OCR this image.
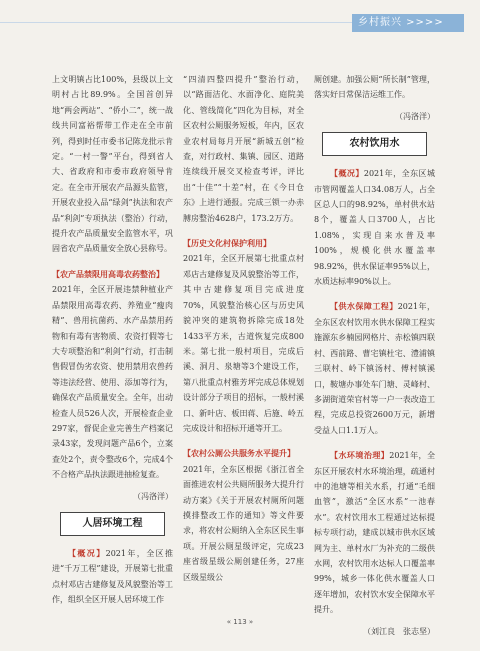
乡村振兴 >>>>

上文明镇占比100%，县级以上文明村占比89.9%。全国首创异地“两会两站”、“侨小二”，统一战线共同富裕帮带工作走在全市前列，得到时任市委书记陈龙批示肯定。“一村一警”平台，得到省人大、省政府和市委市政府领导肯定。在全市开展农产品源头监管，开展农业投入品“绿剑”执法和农产品“利剑”专项执法（整治）行动，提升农产品质量安全监管水平，巩固省农产品质量安全放心县称号。

【农产品禁限用高毒农药整治】

2021年，全区开展违禁种植业产品禁限用高毒农药、养殖业“瘦肉精”、兽用抗菌药、水产品禁用药物和有毒有害物质、农资打假等七大专项整治和“利剑”行动，打击制售假冒伪劣农资、使用禁用农兽药等违法经营、使用、添加等行为，确保农产品质量安全。全年，出动检查人员526人次，开展检查企业297家，督促企业完善生产档案记录43家，发现问题产品6个，立案查处2个，责令整改6个，完成4个不合格产品执法跟进抽检复查。

（冯洛洋）

人居环境工程

【概况】2021年，全区推进“千万工程”建设，开展第七批重点村邓店古建修复及风貌整治等工作，组织全区开展人居环境工作

“四清四整四提升”整治行动，以“路面洁化、水面净化、庭院美化、管线简化”四化为目标，对全区农村公厕服务短板，年内，区农业农村局每月开展“新城五创”检查，对行政村、集镇、园区、道路连续线开展交叉检查考评，评比出“十佳”“十差”村，在《今日仓东》上进行通报。完成三锁一办赤膊房整治4628户，173.2万方。

【历史文化村保护利用】

2021年，全区开展第七批重点村邓店古建修复及风貌整治等工作，其中古建修复项目完成进度70%，风貌整治核心区与历史风貌冲突的建筑物拆除完成18处1433平方米，古道恢复完成800米。第七批一般村项目，完成后溪、洞月、泉塘等3个建设工作，第八批重点村雅芳坪完成总体规划设计部分子项目的招标，一般村溪口、新叶店、板田蒋、后施、岭五完成设计和招标开通等开工。

【农村公厕公共服务水平提升】

2021年，全东区根据《浙江省全面推进农村公共厕所服务大提升行动方案》《关于开展农村厕所问题摸排整改工作的通知》等文件要求，将农村公厕纳入全东区民生事项。开展公厕星级评定，完成23座省级星级公厕创建任务，27座区级星级公

厕创建。加强公厕“所长制”管理，落实好日常保洁运维工作。

（冯洛洋）

农村饮用水

【概况】2021年，全东区城市管网覆盖人口34.08万人，占全区总人口的98.92%，单村供水站8个，覆盖人口3700人，占比1.08%，实现自来水普及率100%，规模化供水覆盖率98.92%，供水保证率95%以上，水质达标率90%以上。

【供水保障工程】2021年，全东区农村饮用水供水保障工程实施源东乡楠园网格片、赤松镇四联村、西前路、曹宅镇杜宅、澧浦镇三联村、岭下镇汤村、傅村镇溪口，鞍塘办事处车门塘、灵峰村、多湖街道荣官村等一户一表改造工程，完成总投资2600万元，新增受益人口1.1万人。

【水环境治理】2021年，全东区开展农村水环境治理，疏通村中的池塘等相关水系，打通“毛细血管”，激活“全区水系”一池春水”。农村饮用水工程通过达标提标专项行动，建成以城市供水区域网为主、单村水厂为补充的二级供水网，农村饮用水达标人口覆盖率99%，城乡一体化供水覆盖人口逐年增加，农村饮水安全保障水平提升。

（刘江良　张志坚）

« 113 »
